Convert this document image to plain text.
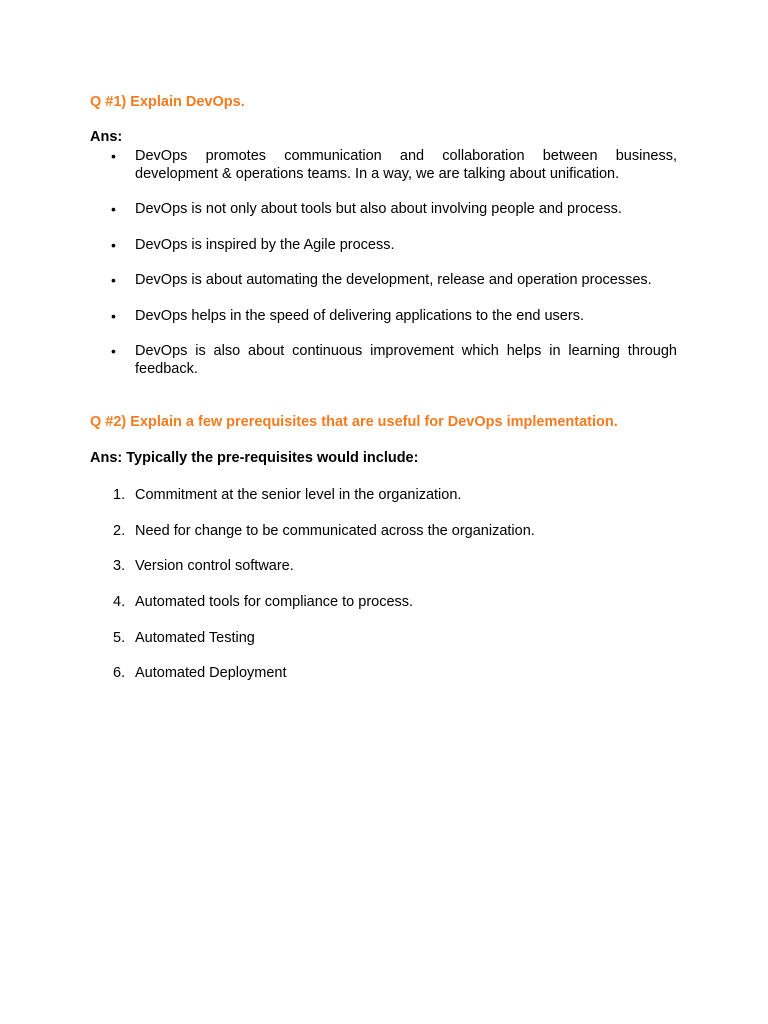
Q #1) Explain DevOps.
Ans:
• DevOps promotes communication and collaboration between business, development & operations teams. In a way, we are talking about unification.
• DevOps is not only about tools but also about involving people and process.
• DevOps is inspired by the Agile process.
• DevOps is about automating the development, release and operation processes.
• DevOps helps in the speed of delivering applications to the end users.
• DevOps is also about continuous improvement which helps in learning through feedback.
Q #2) Explain a few prerequisites that are useful for DevOps implementation.
Ans: Typically the pre-requisites would include:
1. Commitment at the senior level in the organization.
2. Need for change to be communicated across the organization.
3. Version control software.
4. Automated tools for compliance to process.
5. Automated Testing
6. Automated Deployment
